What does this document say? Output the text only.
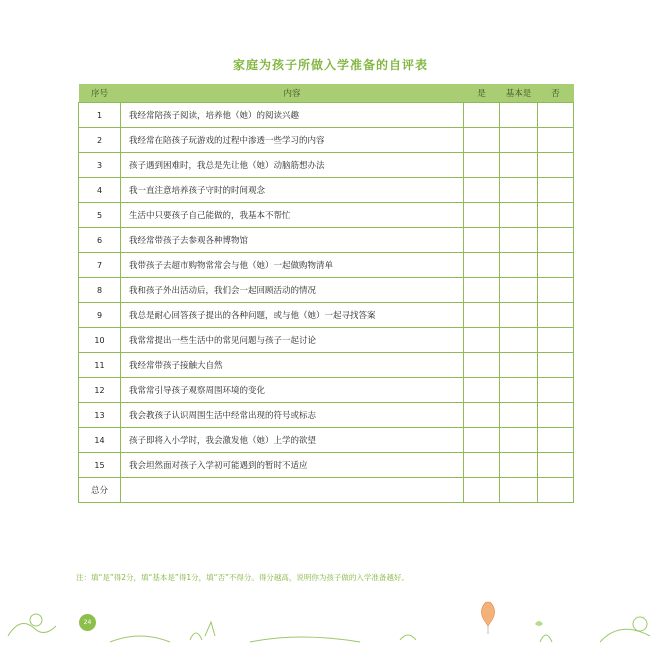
家庭为孩子所做入学准备的自评表
序号	内容	是	基本是	否
1	我经常陪孩子阅读，培养他（她）的阅读兴趣			
2	我经常在陪孩子玩游戏的过程中渗透一些学习的内容			
3	孩子遇到困难时，我总是先让他（她）动脑筋想办法			
4	我一直注意培养孩子守时的时间观念			
5	生活中只要孩子自己能做的，我基本不帮忙			
6	我经常带孩子去参观各种博物馆			
7	我带孩子去超市购物常常会与他（她）一起做购物清单			
8	我和孩子外出活动后，我们会一起回顾活动的情况			
9	我总是耐心回答孩子提出的各种问题，或与他（她）一起寻找答案			
10	我常常提出一些生活中的常见问题与孩子一起讨论			
11	我经常带孩子接触大自然			
12	我常常引导孩子观察周围环境的变化			
13	我会教孩子认识周围生活中经常出现的符号或标志			
14	孩子即将入小学时，我会激发他（她）上学的欲望			
15	我会坦然面对孩子入学初可能遇到的暂时不适应			
总分				
注：填“是”得2分，填“基本是”得1分，填“否”不得分。得分越高，说明你为孩子做的入学准备越好。
24
